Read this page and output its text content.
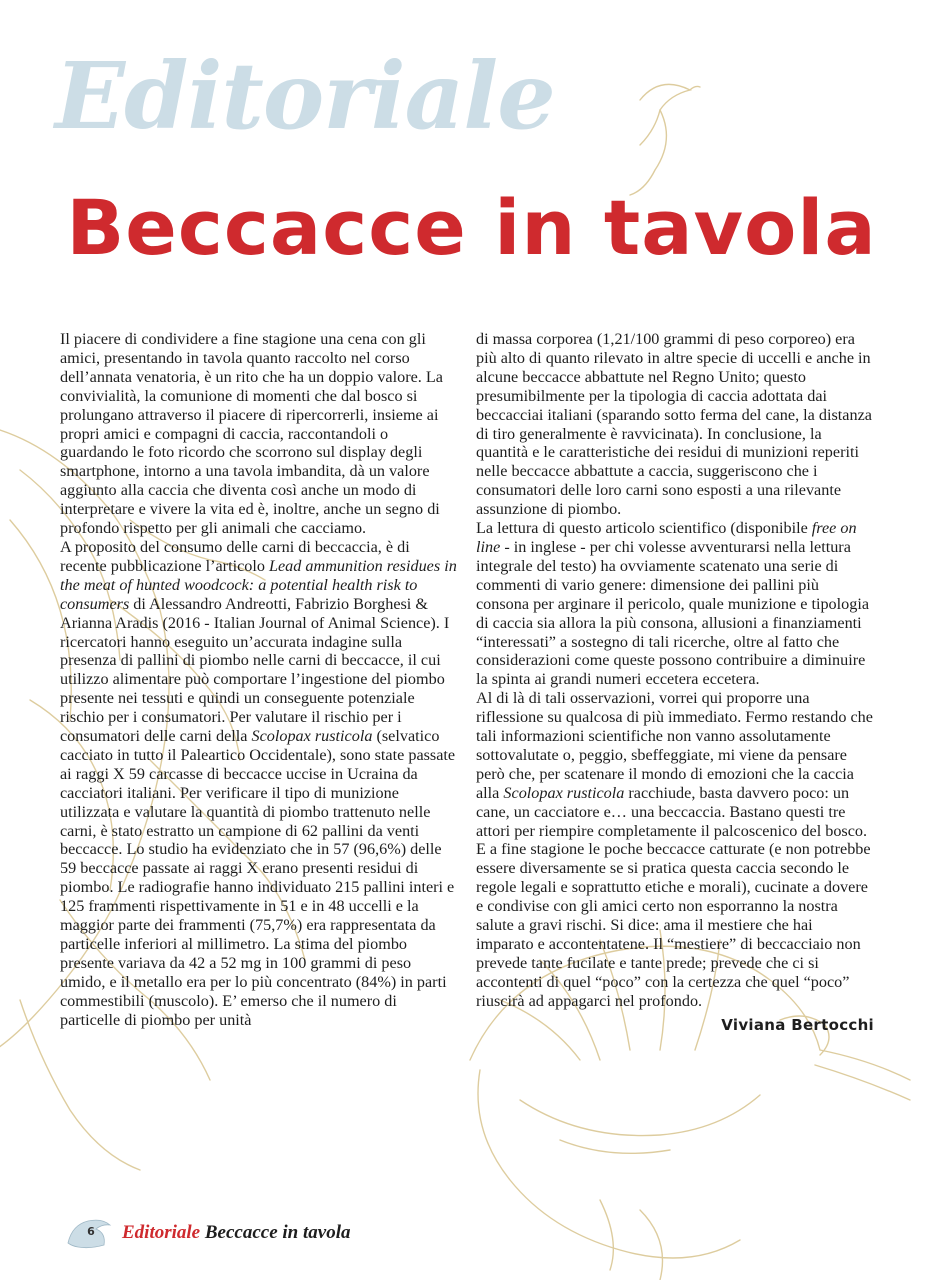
Editoriale
Beccacce in tavola

Il piacere di condividere a fine stagione una cena con gli amici, presentando in tavola quanto raccolto nel corso dell’annata venatoria, è un rito che ha un doppio valore. La convivialità, la comunione di momenti che dal bosco si prolungano attraverso il piacere di ripercorrerli, insieme ai propri amici e compagni di caccia, raccontandoli o guardando le foto ricordo che scorrono sul display degli smartphone, intorno a una tavola imbandita, dà un valore aggiunto alla caccia che diventa così anche un modo di interpretare e vivere la vita ed è, inoltre, anche un segno di profondo rispetto per gli animali che cacciamo.

A proposito del consumo delle carni di beccaccia, è di recente pubblicazione l’articolo Lead ammunition residues in the meat of hunted woodcock: a potential health risk to consumers di Alessandro Andreotti, Fabrizio Borghesi & Arianna Aradis (2016 - Italian Journal of Animal Science). I ricercatori hanno eseguito un’accurata indagine sulla presenza di pallini di piombo nelle carni di beccacce, il cui utilizzo alimentare può comportare l’ingestione del piombo presente nei tessuti e quindi un conseguente potenziale rischio per i consumatori. Per valutare il rischio per i consumatori delle carni della Scolopax rusticola (selvatico cacciato in tutto il Paleartico Occidentale), sono state passate ai raggi X 59 carcasse di beccacce uccise in Ucraina da cacciatori italiani. Per verificare il tipo di munizione utilizzata e valutare la quantità di piombo trattenuto nelle carni, è stato estratto un campione di 62 pallini da venti beccacce. Lo studio ha evidenziato che in 57 (96,6%) delle 59 beccacce passate ai raggi X erano presenti residui di piombo. Le radiografie hanno individuato 215 pallini interi e 125 frammenti rispettivamente in 51 e in 48 uccelli e la maggior parte dei frammenti (75,7%) era rappresentata da particelle inferiori al millimetro. La stima del piombo presente variava da 42 a 52 mg in 100 grammi di peso umido, e il metallo era per lo più concentrato (84%) in parti commestibili (muscolo). E’ emerso che il numero di particelle di piombo per unità

di massa corporea (1,21/100 grammi di peso corporeo) era più alto di quanto rilevato in altre specie di uccelli e anche in alcune beccacce abbattute nel Regno Unito; questo presumibilmente per la tipologia di caccia adottata dai beccacciai italiani (sparando sotto ferma del cane, la distanza di tiro generalmente è ravvicinata). In conclusione, la quantità e le caratteristiche dei residui di munizioni reperiti nelle beccacce abbattute a caccia, suggeriscono che i consumatori delle loro carni sono esposti a una rilevante assunzione di piombo.

La lettura di questo articolo scientifico (disponibile free on line - in inglese - per chi volesse avventurarsi nella lettura integrale del testo) ha ovviamente scatenato una serie di commenti di vario genere: dimensione dei pallini più consona per arginare il pericolo, quale munizione e tipologia di caccia sia allora la più consona, allusioni a finanziamenti “interessati” a sostegno di tali ricerche, oltre al fatto che considerazioni come queste possono contribuire a diminuire la spinta ai grandi numeri eccetera eccetera.

Al di là di tali osservazioni, vorrei qui proporre una riflessione su qualcosa di più immediato. Fermo restando che tali informazioni scientifiche non vanno assolutamente sottovalutate o, peggio, sbeffeggiate, mi viene da pensare però che, per scatenare il mondo di emozioni che la caccia alla Scolopax rusticola racchiude, basta davvero poco: un cane, un cacciatore e… una beccaccia. Bastano questi tre attori per riempire completamente il palcoscenico del bosco. E a fine stagione le poche beccacce catturate (e non potrebbe essere diversamente se si pratica questa caccia secondo le regole legali e soprattutto etiche e morali), cucinate a dovere e condivise con gli amici certo non esporranno la nostra salute a gravi rischi. Si dice: ama il mestiere che hai imparato e accontentatene. Il “mestiere” di beccacciaio non prevede tante fucilate e tante prede; prevede che ci si accontenti di quel “poco” con la certezza che quel “poco” riuscirà ad appagarci nel profondo.

Viviana Bertocchi
6	Editoriale Beccacce in tavola
